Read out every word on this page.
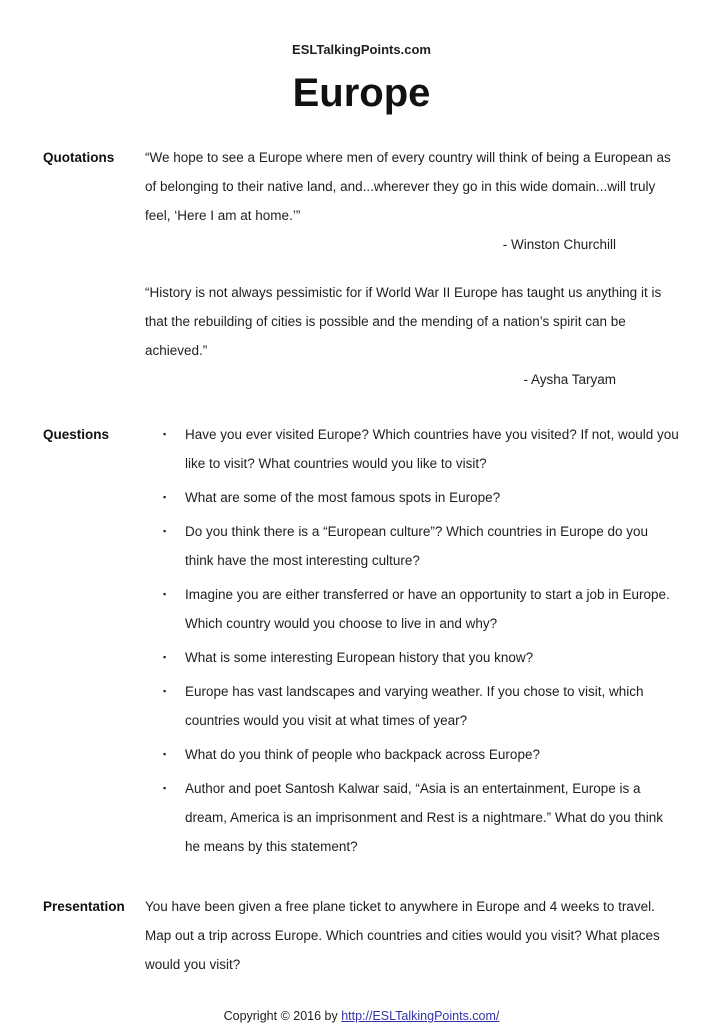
ESLTalkingPoints.com
Europe
Quotations	“We hope to see a Europe where men of every country will think of being a European as of belonging to their native land, and...wherever they go in this wide domain...will truly feel, ‘Here I am at home.’”

- Winston Churchill

“History is not always pessimistic for if World War II Europe has taught us anything it is that the rebuilding of cities is possible and the mending of a nation’s spirit can be achieved.”

- Aysha Taryam

Questions	▪	Have you ever visited Europe? Which countries have you visited? If not, would you like to visit? What countries would you like to visit?
▪	What are some of the most famous spots in Europe?
▪	Do you think there is a “European culture”? Which countries in Europe do you think have the most interesting culture?
▪	Imagine you are either transferred or have an opportunity to start a job in Europe. Which country would you choose to live in and why?
▪	What is some interesting European history that you know?
▪	Europe has vast landscapes and varying weather. If you chose to visit, which countries would you visit at what times of year?
▪	What do you think of people who backpack across Europe?
▪	Author and poet Santosh Kalwar said, “Asia is an entertainment, Europe is a dream, America is an imprisonment and Rest is a nightmare.” What do you think he means by this statement?
Presentation	You have been given a free plane ticket to anywhere in Europe and 4 weeks to travel. Map out a trip across Europe. Which countries and cities would you visit? What places would you visit?

Copyright © 2016 by http://ESLTalkingPoints.com/
